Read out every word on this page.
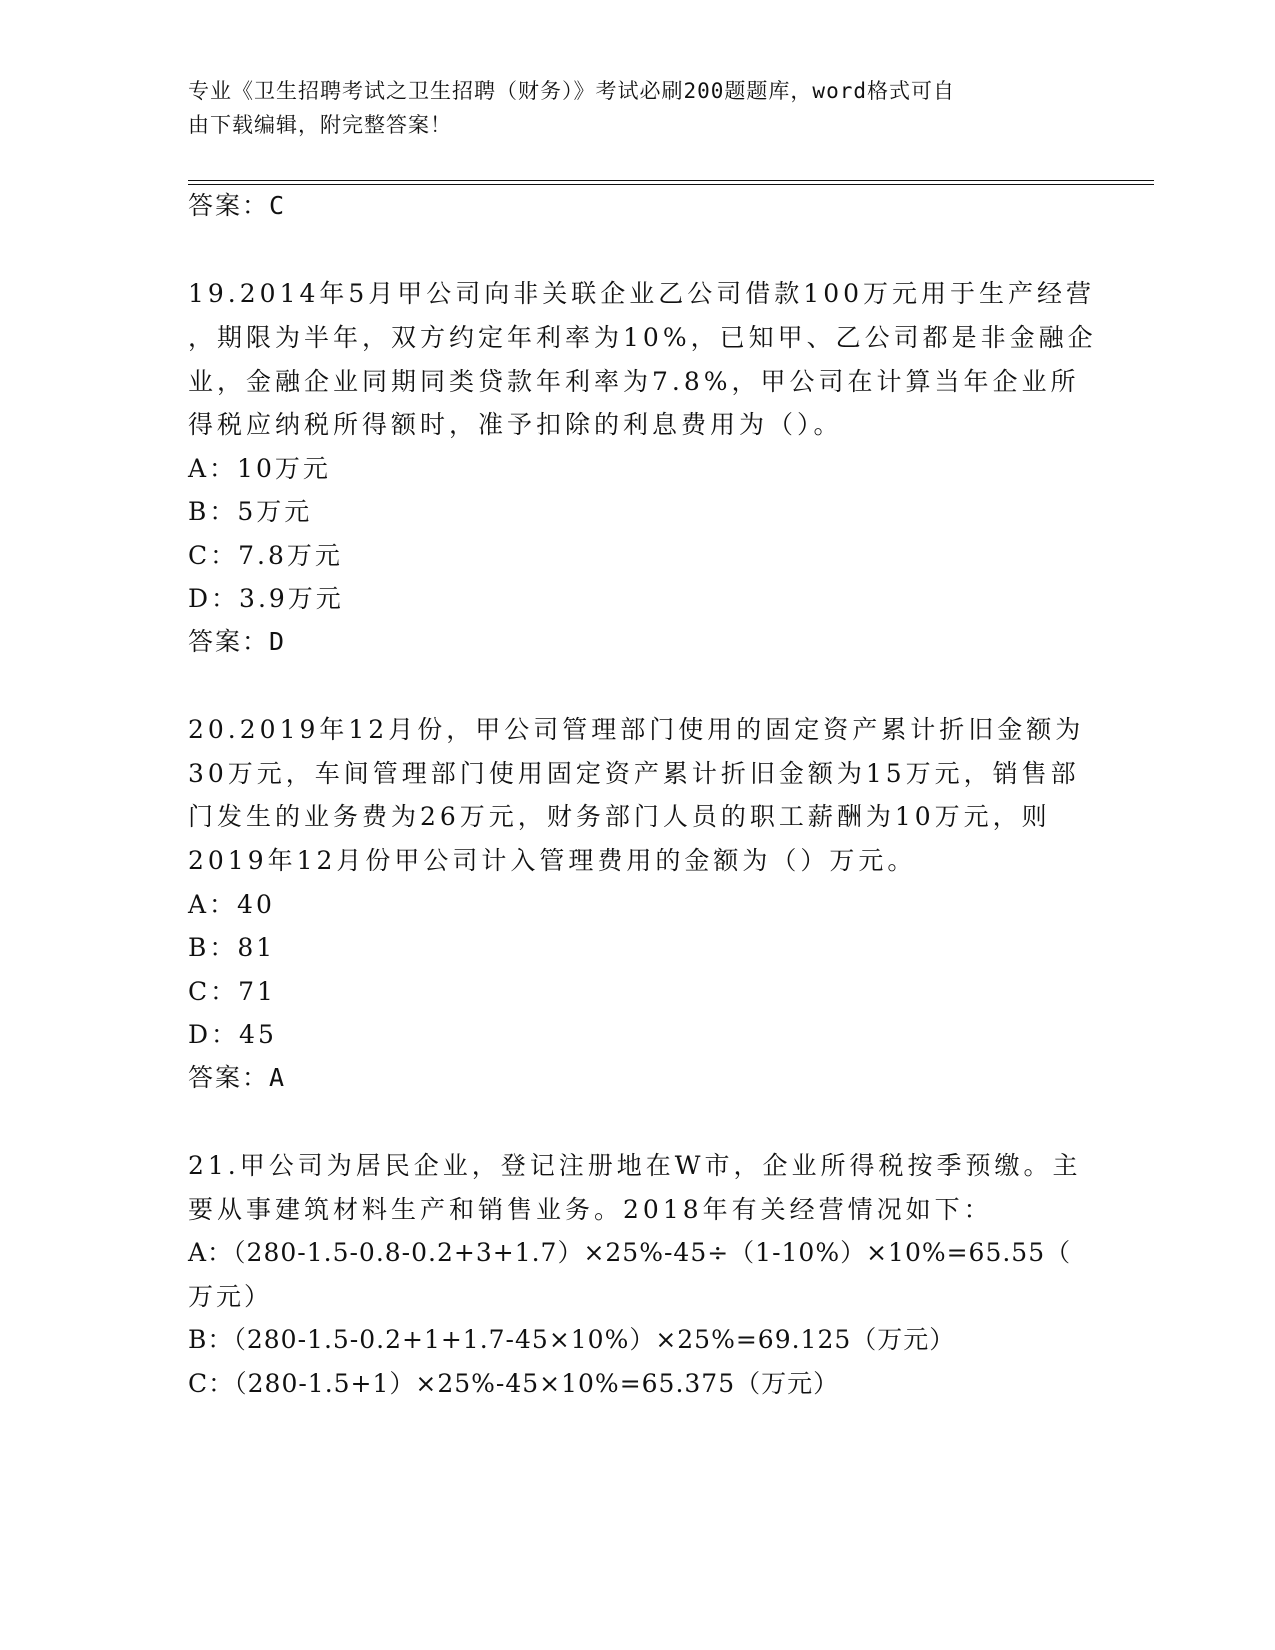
专业《卫生招聘考试之卫生招聘（财务）》考试必刷200题题库，word格式可自
由下载编辑，附完整答案！
答案：C
19.2014年5月甲公司向非关联企业乙公司借款100万元用于生产经营
，期限为半年，双方约定年利率为10%，已知甲、乙公司都是非金融企
业，金融企业同期同类贷款年利率为7.8%，甲公司在计算当年企业所
得税应纳税所得额时，准予扣除的利息费用为（）。
A：10万元
B：5万元
C：7.8万元
D：3.9万元
答案：D
20.2019年12月份，甲公司管理部门使用的固定资产累计折旧金额为
30万元，车间管理部门使用固定资产累计折旧金额为15万元，销售部
门发生的业务费为26万元，财务部门人员的职工薪酬为10万元，则
2019年12月份甲公司计入管理费用的金额为（）万元。
A：40
B：81
C：71
D：45
答案：A
21.甲公司为居民企业，登记注册地在W市，企业所得税按季预缴。主
要从事建筑材料生产和销售业务。2018年有关经营情况如下：
A：（280-1.5-0.8-0.2+3+1.7）×25%-45÷（1-10%）×10%=65.55（
万元）
B：（280-1.5-0.2+1+1.7-45×10%）×25%=69.125（万元）
C：（280-1.5+1）×25%-45×10%=65.375（万元）
